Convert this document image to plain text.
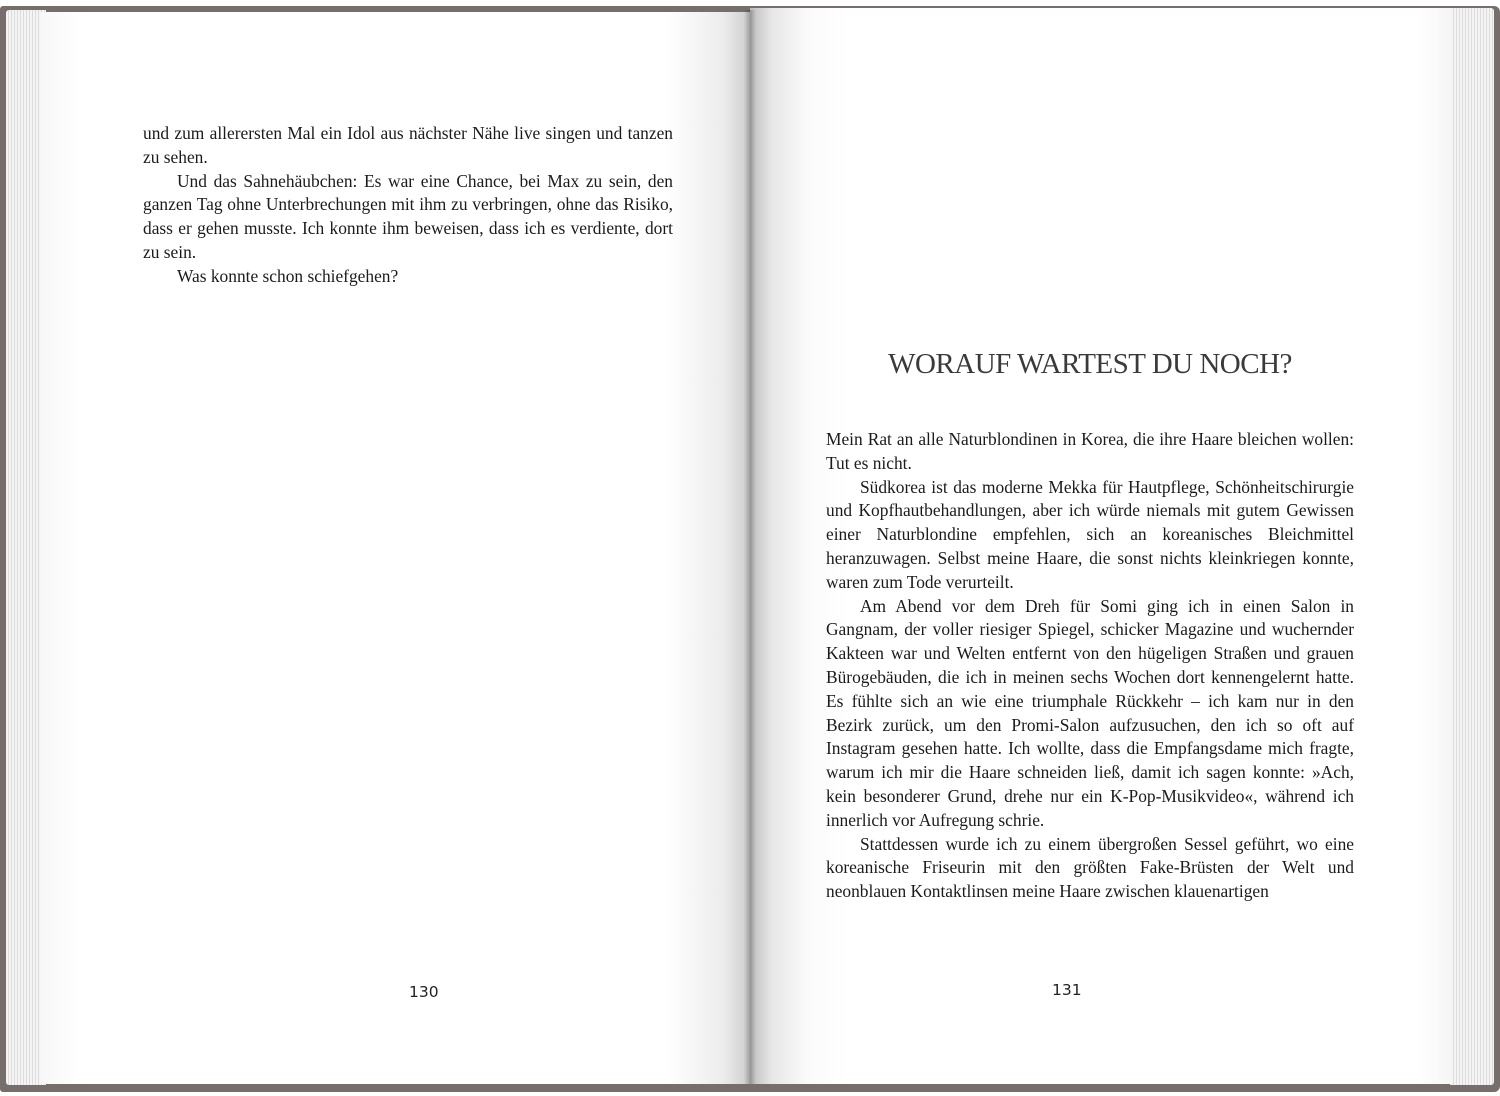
und zum allerersten Mal ein Idol aus nächster Nähe live singen und tanzen zu sehen.

Und das Sahnehäubchen: Es war eine Chance, bei Max zu sein, den ganzen Tag ohne Unterbrechungen mit ihm zu verbringen, ohne das Risiko, dass er gehen musste. Ich konnte ihm beweisen, dass ich es verdiente, dort zu sein.

Was konnte schon schiefgehen?

130
WORAUF WARTEST DU NOCH?

Mein Rat an alle Naturblondinen in Korea, die ihre Haare bleichen wollen: Tut es nicht.

Südkorea ist das moderne Mekka für Hautpflege, Schönheitschirurgie und Kopfhautbehandlungen, aber ich würde niemals mit gutem Gewissen einer Naturblondine empfehlen, sich an koreanisches Bleichmittel heranzuwagen. Selbst meine Haare, die sonst nichts kleinkriegen konnte, waren zum Tode verurteilt.

Am Abend vor dem Dreh für Somi ging ich in einen Salon in Gangnam, der voller riesiger Spiegel, schicker Magazine und wuchernder Kakteen war und Welten entfernt von den hügeligen Straßen und grauen Bürogebäuden, die ich in meinen sechs Wochen dort kennengelernt hatte. Es fühlte sich an wie eine triumphale Rückkehr – ich kam nur in den Bezirk zurück, um den Promi-Salon aufzusuchen, den ich so oft auf Instagram gesehen hatte. Ich wollte, dass die Empfangsdame mich fragte, warum ich mir die Haare schneiden ließ, damit ich sagen konnte: »Ach, kein besonderer Grund, drehe nur ein K-Pop-Musikvideo«, während ich innerlich vor Aufregung schrie.

Stattdessen wurde ich zu einem übergroßen Sessel geführt, wo eine koreanische Friseurin mit den größten Fake-Brüsten der Welt und neonblauen Kontaktlinsen meine Haare zwischen klauenartigen

131
